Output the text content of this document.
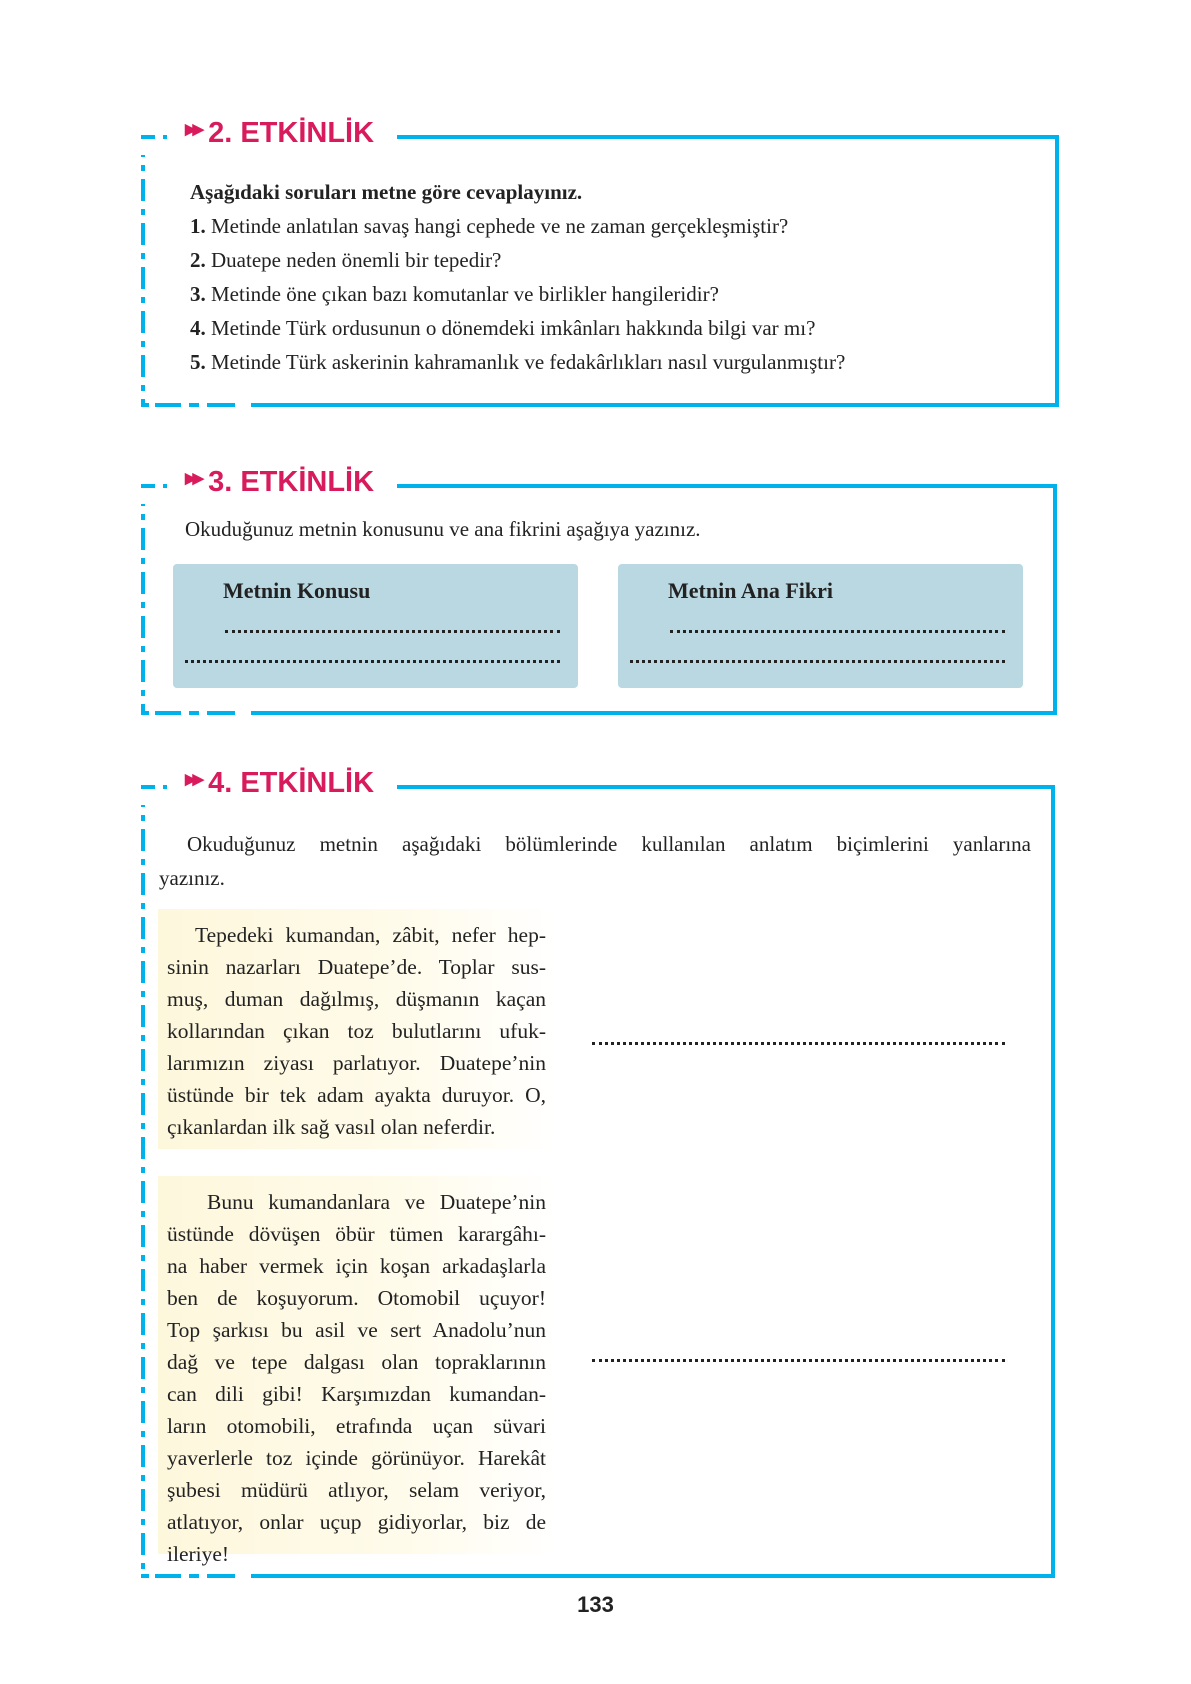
▶▶ 2. ETKİNLİK
Aşağıdaki soruları metne göre cevaplayınız.
1. Metinde anlatılan savaş hangi cephede ve ne zaman gerçekleşmiştir?
2. Duatepe neden önemli bir tepedir?
3. Metinde öne çıkan bazı komutanlar ve birlikler hangileridir?
4. Metinde Türk ordusunun o dönemdeki imkânları hakkında bilgi var mı?
5. Metinde Türk askerinin kahramanlık ve fedakârlıkları nasıl vurgulanmıştır?
▶▶ 3. ETKİNLİK
Okuduğunuz metnin konusunu ve ana fikrini aşağıya yazınız.
Metnin Konusu	Metnin Ana Fikri
▶▶ 4. ETKİNLİK
Okuduğunuz metnin aşağıdaki bölümlerinde kullanılan anlatım biçimlerini yanlarına
yazınız.
Tepedeki kumandan, zâbit, nefer hep-
sinin nazarları Duatepe’de. Toplar sus-
muş, duman dağılmış, düşmanın kaçan
kollarından çıkan toz bulutlarını ufuk-
larımızın ziyası parlatıyor. Duatepe’nin
üstünde bir tek adam ayakta duruyor. O,
çıkanlardan ilk sağ vasıl olan neferdir.
Bunu kumandanlara ve Duatepe’nin
üstünde dövüşen öbür tümen karargâhı-
na haber vermek için koşan arkadaşlarla
ben de koşuyorum. Otomobil uçuyor!
Top şarkısı bu asil ve sert Anadolu’nun
dağ ve tepe dalgası olan topraklarının
can dili gibi! Karşımızdan kumandan-
ların otomobili, etrafında uçan süvari
yaverlerle toz içinde görünüyor. Harekât
şubesi müdürü atlıyor, selam veriyor,
atlatıyor, onlar uçup gidiyorlar, biz de
ileriye!
133
